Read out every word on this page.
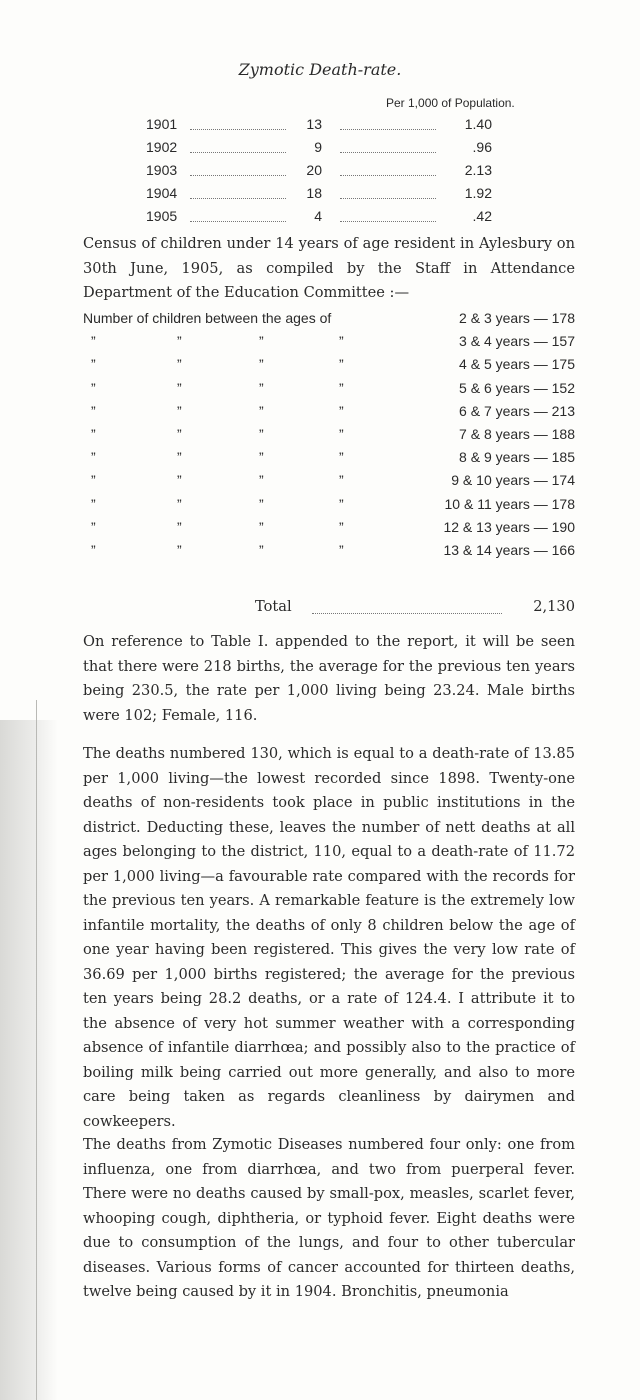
Zymotic Death-rate.
Per 1,000 of Population.
1901	13	1.40
1902	9	.96
1903	20	2.13
1904	18	1.92
1905	4	.42
Census of children under 14 years of age resident in Aylesbury on 30th June, 1905, as compiled by the Staff in Attendance Department of the Education Committee :—
Number of children between the ages of	2 & 3 years — 178
”	”	”	”	3 & 4 years — 157
”	”	”	”	4 & 5 years — 175
”	”	”	”	5 & 6 years — 152
”	”	”	”	6 & 7 years — 213
”	”	”	”	7 & 8 years — 188
”	”	”	”	8 & 9 years — 185
”	”	”	”	9 & 10 years — 174
”	”	”	”	10 & 11 years — 178
”	”	”	”	12 & 13 years — 190
”	”	”	”	13 & 14 years — 166
Total	2,130
On reference to Table I. appended to the report, it will be seen that there were 218 births, the average for the previous ten years being 230.5, the rate per 1,000 living being 23.24. Male births were 102; Female, 116.
The deaths numbered 130, which is equal to a death-rate of 13.85 per 1,000 living—the lowest recorded since 1898. Twenty-one deaths of non-residents took place in public institutions in the district. Deducting these, leaves the number of nett deaths at all ages belonging to the district, 110, equal to a death-rate of 11.72 per 1,000 living—a favourable rate compared with the records for the previous ten years. A remarkable feature is the extremely low infantile mortality, the deaths of only 8 children below the age of one year having been registered. This gives the very low rate of 36.69 per 1,000 births registered; the average for the previous ten years being 28.2 deaths, or a rate of 124.4. I attribute it to the absence of very hot summer weather with a corresponding absence of infantile diarrhœa; and possibly also to the practice of boiling milk being carried out more generally, and also to more care being taken as regards cleanliness by dairymen and cowkeepers.
The deaths from Zymotic Diseases numbered four only: one from influenza, one from diarrhœa, and two from puerperal fever. There were no deaths caused by small-pox, measles, scarlet fever, whooping cough, diphtheria, or typhoid fever. Eight deaths were due to consumption of the lungs, and four to other tubercular diseases. Various forms of cancer accounted for thirteen deaths, twelve being caused by it in 1904. Bronchitis, pneumonia
